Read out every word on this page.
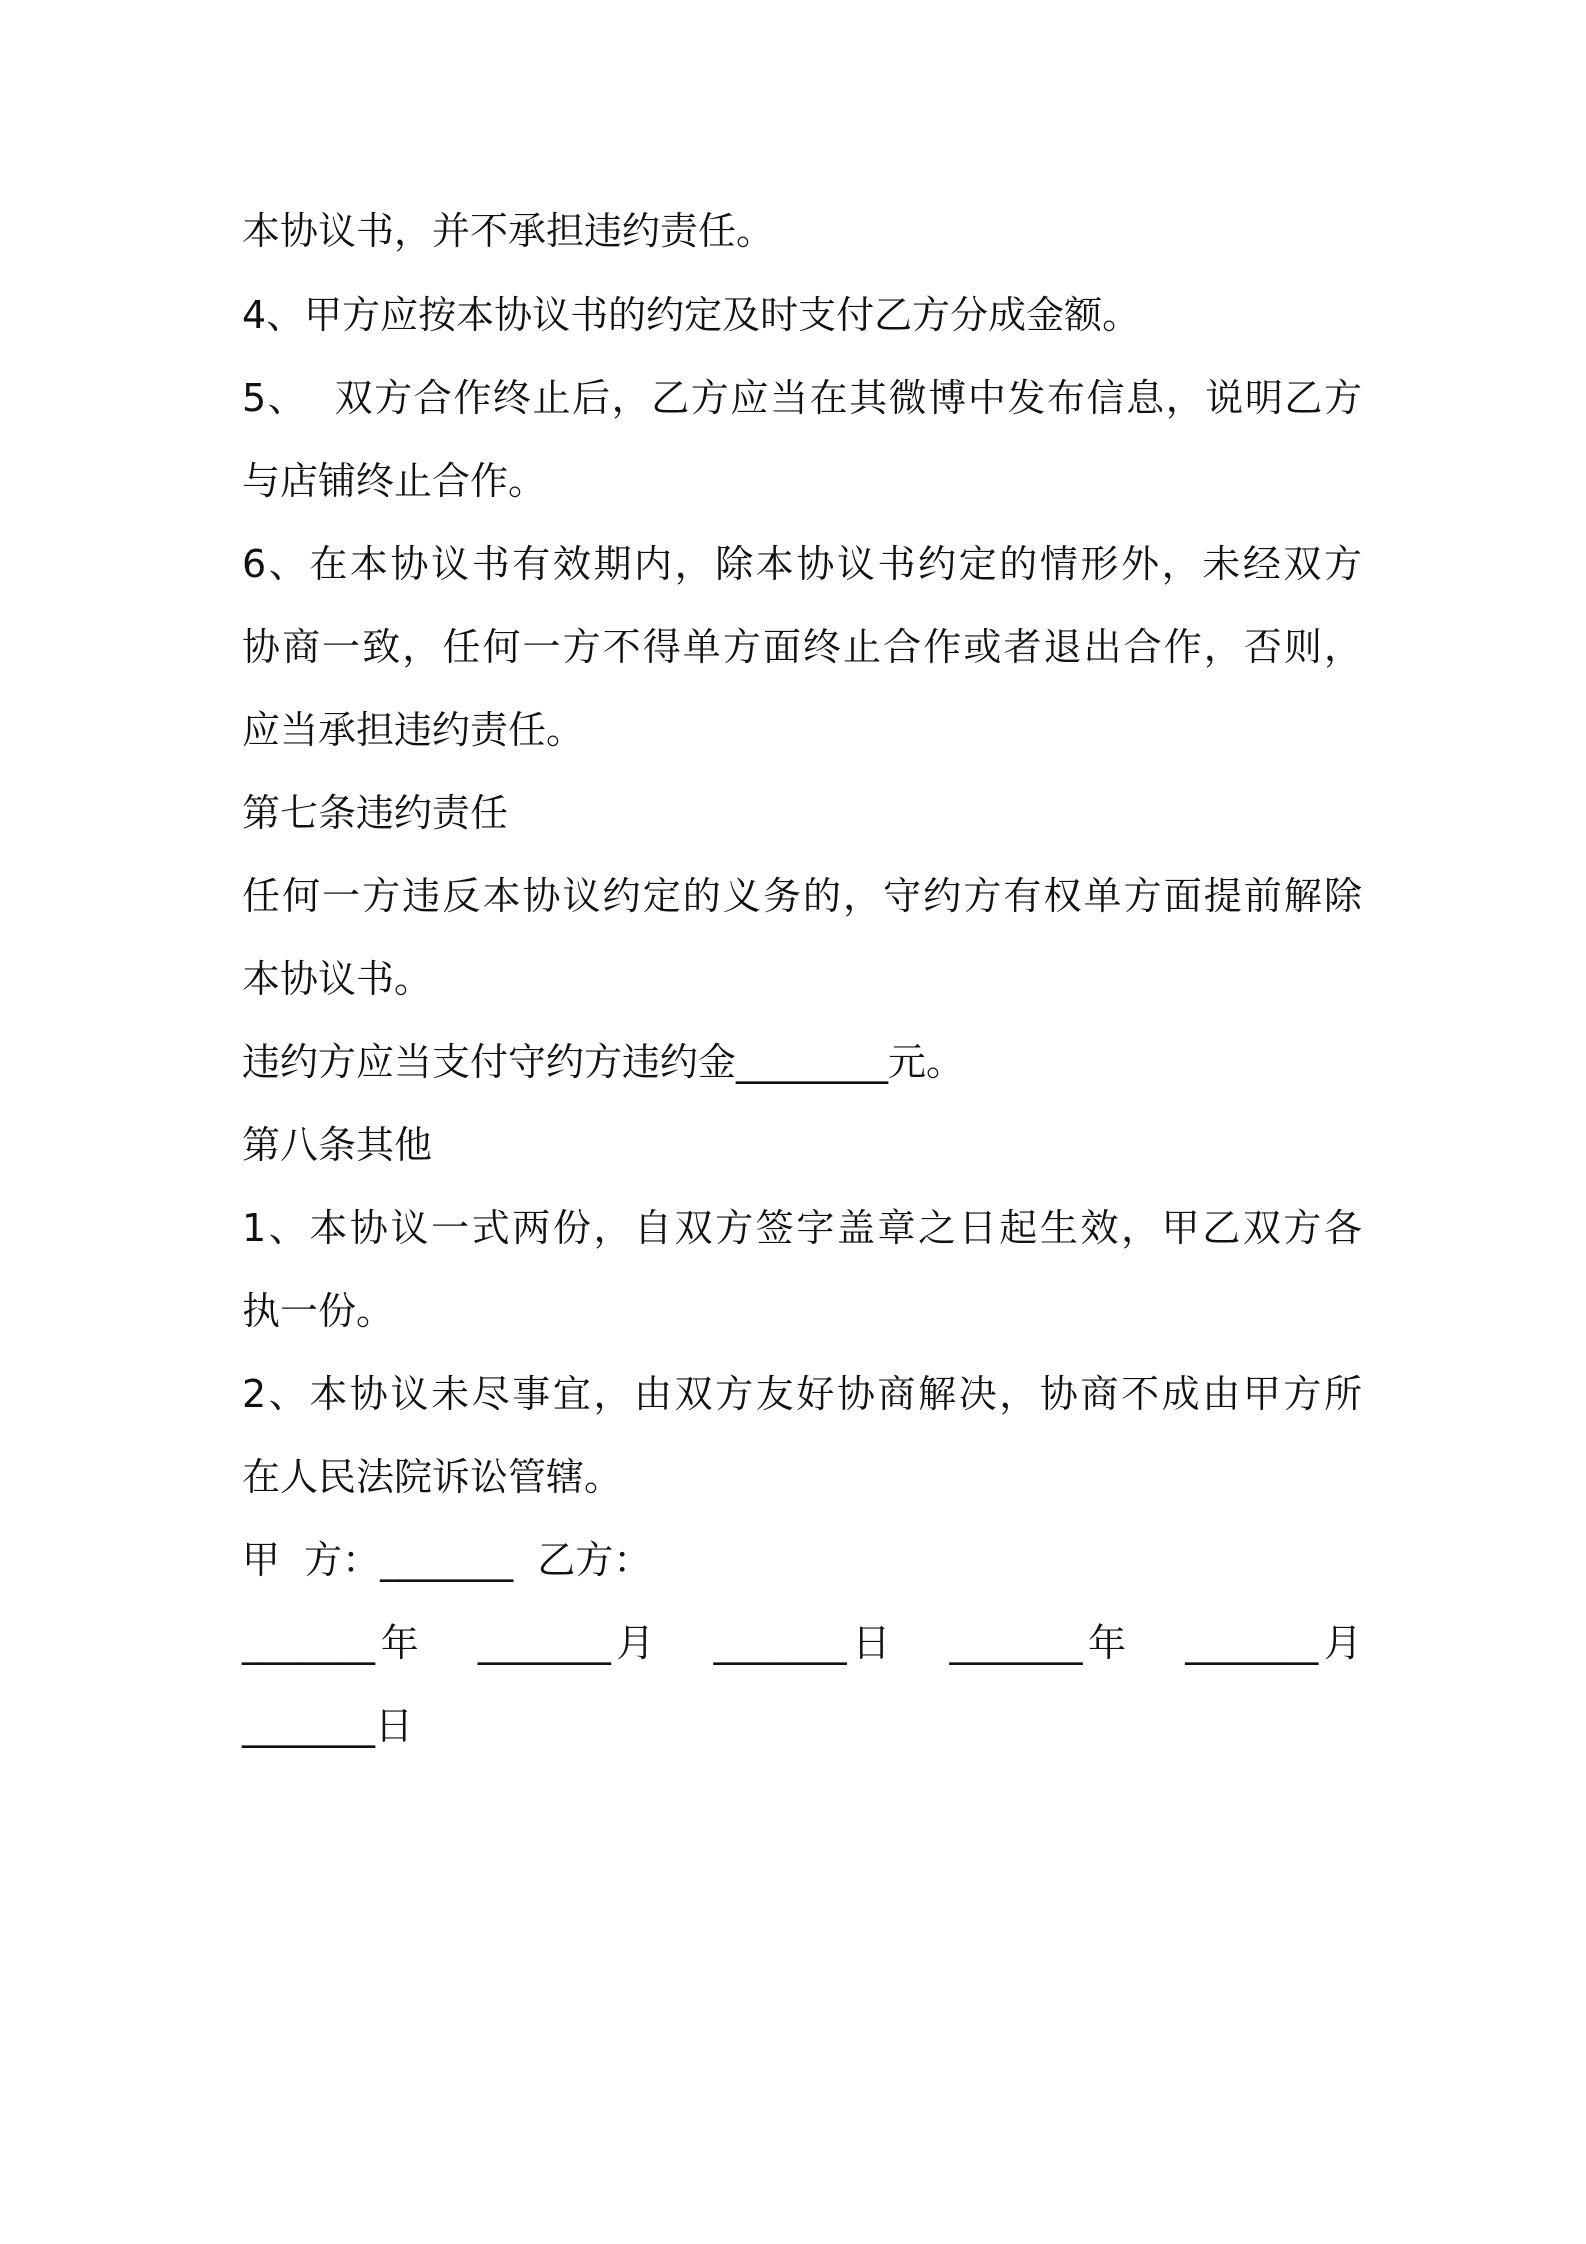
本协议书，并不承担违约责任。
4、甲方应按本协议书的约定及时支付乙方分成金额。
5、  双方合作终止后，乙方应当在其微博中发布信息，说明乙方
与店铺终止合作。
6、在本协议书有效期内，除本协议书约定的情形外，未经双方
协商一致，任何一方不得单方面终止合作或者退出合作，否则，
应当承担违约责任。
第七条违约责任
任何一方违反本协议约定的义务的，守约方有权单方面提前解除
本协议书。
违约方应当支付守约方违约金________元。
第八条其他
1、本协议一式两份，自双方签字盖章之日起生效，甲乙双方各
执一份。
2、本协议未尽事宜，由双方友好协商解决，协商不成由甲方所
在人民法院诉讼管辖。
甲  方：_______  乙方：
_______年   _______月   _______日   _______年   _______月
_______日
